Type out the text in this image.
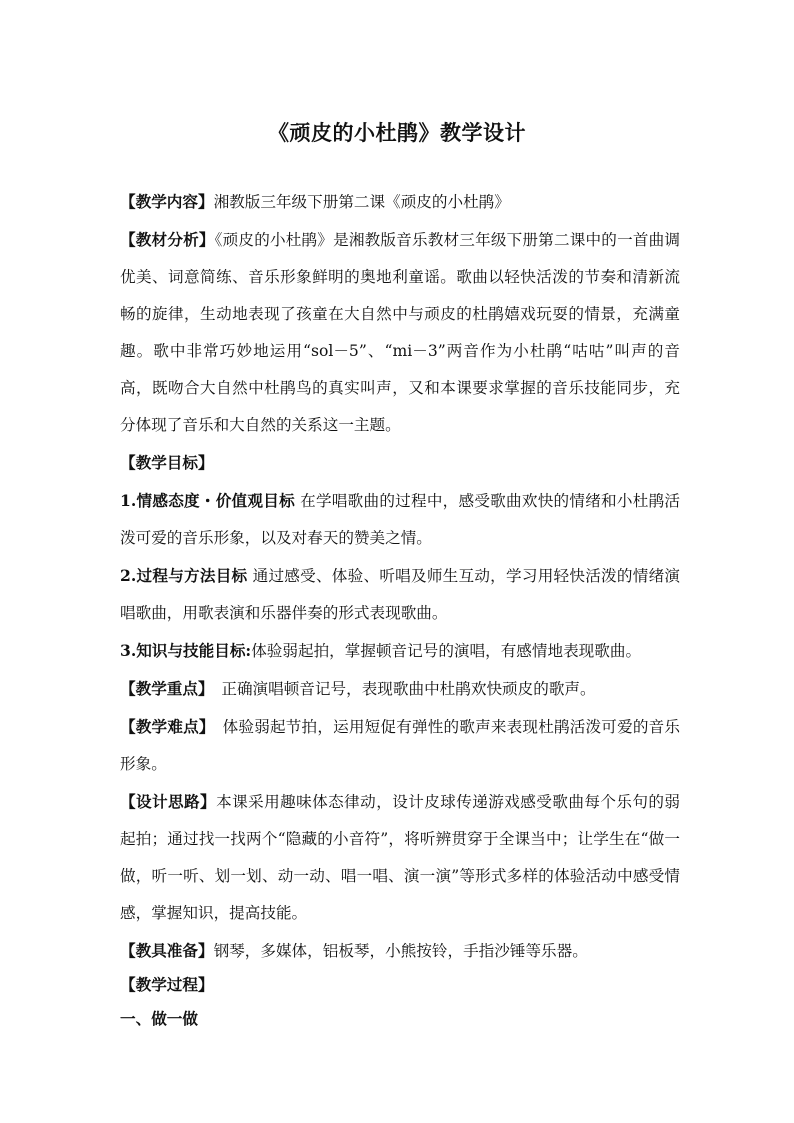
《顽皮的小杜鹃》教学设计

【教学内容】湘教版三年级下册第二课《顽皮的小杜鹃》

【教材分析】《顽皮的小杜鹃》是湘教版音乐教材三年级下册第二课中的一首曲调优美、词意简练、音乐形象鲜明的奥地利童谣。歌曲以轻快活泼的节奏和清新流畅的旋律，生动地表现了孩童在大自然中与顽皮的杜鹃嬉戏玩耍的情景，充满童趣。歌中非常巧妙地运用“sol－5”、“mi－3”两音作为小杜鹃“咕咕”叫声的音高，既吻合大自然中杜鹃鸟的真实叫声，又和本课要求掌握的音乐技能同步，充分体现了音乐和大自然的关系这一主题。

【教学目标】

1.情感态度・价值观目标 在学唱歌曲的过程中，感受歌曲欢快的情绪和小杜鹃活泼可爱的音乐形象，以及对春天的赞美之情。

2.过程与方法目标 通过感受、体验、听唱及师生互动，学习用轻快活泼的情绪演唱歌曲，用歌表演和乐器伴奏的形式表现歌曲。

3.知识与技能目标:体验弱起拍，掌握顿音记号的演唱，有感情地表现歌曲。

【教学重点】　正确演唱顿音记号，表现歌曲中杜鹃欢快顽皮的歌声。

【教学难点】　体验弱起节拍，运用短促有弹性的歌声来表现杜鹃活泼可爱的音乐形象。

【设计思路】本课采用趣味体态律动，设计皮球传递游戏感受歌曲每个乐句的弱起拍；通过找一找两个“隐藏的小音符”，将听辨贯穿于全课当中；让学生在“做一做，听一听、划一划、动一动、唱一唱、演一演”等形式多样的体验活动中感受情感，掌握知识，提高技能。

【教具准备】钢琴，多媒体，铝板琴，小熊按铃，手指沙锤等乐器。

【教学过程】

一、做一做
